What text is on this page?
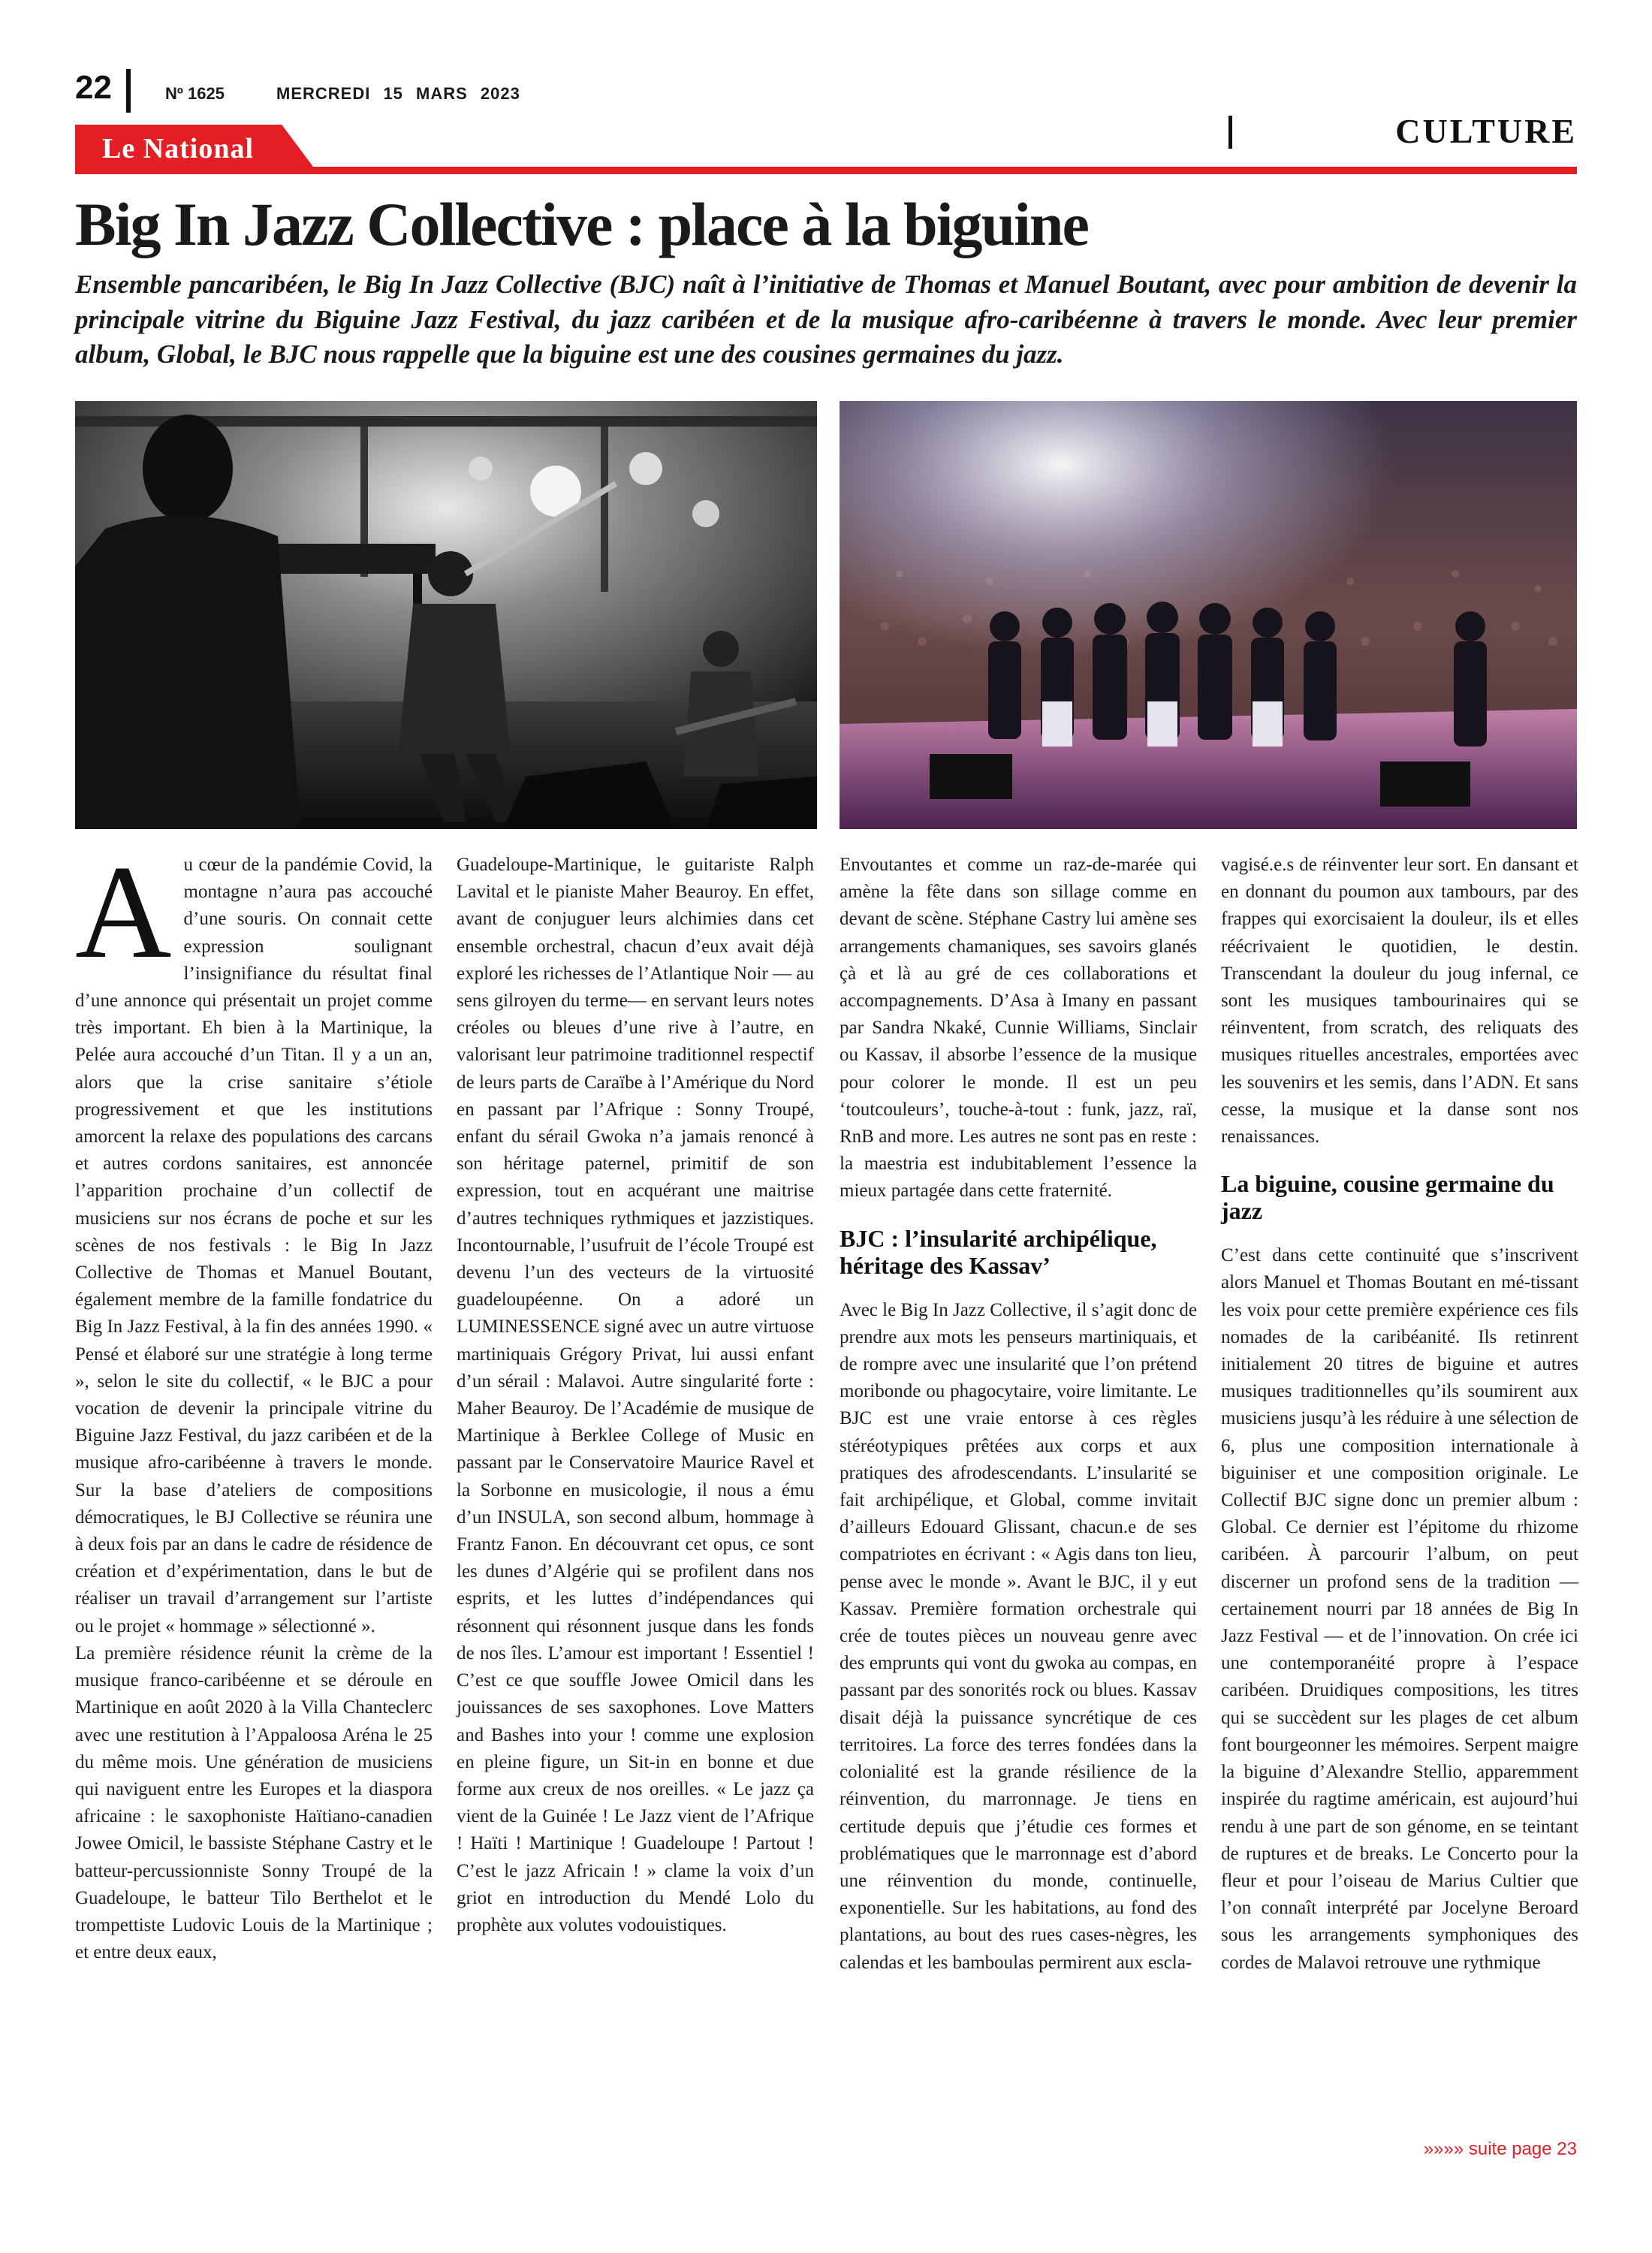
22	Nº 1625	MERCREDI 15 MARS 2023
CULTURE
Le National
Big In Jazz Collective : place à la biguine

Ensemble pancaribéen, le Big In Jazz Collective (BJC) naît à l’initiative de Thomas et Manuel Boutant, avec pour ambition de devenir la principale vitrine du Biguine Jazz Festival, du jazz caribéen et de la musique afro-caribéenne à travers le monde. Avec leur premier album, Global, le BJC nous rappelle que la biguine est une des cousines germaines du jazz.

Au cœur de la pandémie Covid, la montagne n’aura pas accouché d’une souris. On connait cette expression soulignant l’insignifiance du résultat final d’une annonce qui présentait un projet comme très important. Eh bien à la Martinique, la Pelée aura accouché d’un Titan. Il y a un an, alors que la crise sanitaire s’étiole progressivement et que les institutions amorcent la relaxe des populations des carcans et autres cordons sanitaires, est annoncée l’apparition prochaine d’un collectif de musiciens sur nos écrans de poche et sur les scènes de nos festivals : le Big In Jazz Collective de Thomas et Manuel Boutant, également membre de la famille fondatrice du Big In Jazz Festival, à la fin des années 1990. « Pensé et élaboré sur une stratégie à long terme », selon le site du collectif, « le BJC a pour vocation de devenir la principale vitrine du Biguine Jazz Festival, du jazz caribéen et de la musique afro-caribéenne à travers le monde. Sur la base d’ateliers de compositions démocratiques, le BJ Collective se réunira une à deux fois par an dans le cadre de résidence de création et d’expérimentation, dans le but de réaliser un travail d’arrangement sur l’artiste ou le projet « hommage » sélectionné ».

La première résidence réunit la crème de la musique franco-caribéenne et se déroule en Martinique en août 2020 à la Villa Chanteclerc avec une restitution à l’Appaloosa Aréna le 25 du même mois. Une génération de musiciens qui naviguent entre les Europes et la diaspora africaine : le saxophoniste Haïtiano-canadien Jowee Omicil, le bassiste Stéphane Castry et le batteur-percussionniste Sonny Troupé de la Guadeloupe, le batteur Tilo Berthelot et le trompettiste Ludovic Louis de la Martinique ; et entre deux eaux,

Guadeloupe-Martinique, le guitariste Ralph Lavital et le pianiste Maher Beauroy. En effet, avant de conjuguer leurs alchimies dans cet ensemble orchestral, chacun d’eux avait déjà exploré les richesses de l’Atlantique Noir — au sens gilroyen du terme— en servant leurs notes créoles ou bleues d’une rive à l’autre, en valorisant leur patrimoine traditionnel respectif de leurs parts de Caraïbe à l’Amérique du Nord en passant par l’Afrique : Sonny Troupé, enfant du sérail Gwoka n’a jamais renoncé à son héritage paternel, primitif de son expression, tout en acquérant une maitrise d’autres techniques rythmiques et jazzistiques. Incontournable, l’usufruit de l’école Troupé est devenu l’un des vecteurs de la virtuosité guadeloupéenne. On a adoré un LUMINESSENCE signé avec un autre virtuose martiniquais Grégory Privat, lui aussi enfant d’un sérail : Malavoi. Autre singularité forte : Maher Beauroy. De l’Académie de musique de Martinique à Berklee College of Music en passant par le Conservatoire Maurice Ravel et la Sorbonne en musicologie, il nous a ému d’un INSULA, son second album, hommage à Frantz Fanon. En découvrant cet opus, ce sont les dunes d’Algérie qui se profilent dans nos esprits, et les luttes d’indépendances qui résonnent qui résonnent jusque dans les fonds de nos îles. L’amour est important ! Essentiel ! C’est ce que souffle Jowee Omicil dans les jouissances de ses saxophones. Love Matters and Bashes into your ! comme une explosion en pleine figure, un Sit-in en bonne et due forme aux creux de nos oreilles. « Le jazz ça vient de la Guinée ! Le Jazz vient de l’Afrique ! Haïti ! Martinique ! Guadeloupe ! Partout ! C’est le jazz Africain ! » clame la voix d’un griot en introduction du Mendé Lolo du prophète aux volutes vodouistiques.

Envoutantes et comme un raz-de-marée qui amène la fête dans son sillage comme en devant de scène. Stéphane Castry lui amène ses arrangements chamaniques, ses savoirs glanés çà et là au gré de ces collaborations et accompagnements. D’Asa à Imany en passant par Sandra Nkaké, Cunnie Williams, Sinclair ou Kassav, il absorbe l’essence de la musique pour colorer le monde. Il est un peu ‘toutcouleurs’, touche-à-tout : funk, jazz, raï, RnB and more. Les autres ne sont pas en reste : la maestria est indubitablement l’essence la mieux partagée dans cette fraternité.

BJC : l’insularité archipélique, héritage des Kassav’

Avec le Big In Jazz Collective, il s’agit donc de prendre aux mots les penseurs martiniquais, et de rompre avec une insularité que l’on prétend moribonde ou phagocytaire, voire limitante. Le BJC est une vraie entorse à ces règles stéréotypiques prêtées aux corps et aux pratiques des afrodescendants. L’insularité se fait archipélique, et Global, comme invitait d’ailleurs Edouard Glissant, chacun.e de ses compatriotes en écrivant : « Agis dans ton lieu, pense avec le monde ». Avant le BJC, il y eut Kassav. Première formation orchestrale qui crée de toutes pièces un nouveau genre avec des emprunts qui vont du gwoka au compas, en passant par des sonorités rock ou blues. Kassav disait déjà la puissance syncrétique de ces territoires. La force des terres fondées dans la colonialité est la grande résilience de la réinvention, du marronnage. Je tiens en certitude depuis que j’étudie ces formes et problématiques que le marronnage est d’abord une réinvention du monde, continuelle, exponentielle. Sur les habitations, au fond des plantations, au bout des rues cases-nègres, les calendas et les bamboulas permirent aux escla-

vagisé.e.s de réinventer leur sort. En dansant et en donnant du poumon aux tambours, par des frappes qui exorcisaient la douleur, ils et elles réécrivaient le quotidien, le destin. Transcendant la douleur du joug infernal, ce sont les musiques tambourinaires qui se réinventent, from scratch, des reliquats des musiques rituelles ancestrales, emportées avec les souvenirs et les semis, dans l’ADN. Et sans cesse, la musique et la danse sont nos renaissances.

La biguine, cousine germaine du jazz

C’est dans cette continuité que s’inscrivent alors Manuel et Thomas Boutant en mé-tissant les voix pour cette première expérience ces fils nomades de la caribéanité. Ils retinrent initialement 20 titres de biguine et autres musiques traditionnelles qu’ils soumirent aux musiciens jusqu’à les réduire à une sélection de 6, plus une composition internationale à biguiniser et une composition originale. Le Collectif BJC signe donc un premier album : Global. Ce dernier est l’épitome du rhizome caribéen. À parcourir l’album, on peut discerner un profond sens de la tradition — certainement nourri par 18 années de Big In Jazz Festival — et de l’innovation. On crée ici une contemporanéité propre à l’espace caribéen. Druidiques compositions, les titres qui se succèdent sur les plages de cet album font bourgeonner les mémoires. Serpent maigre la biguine d’Alexandre Stellio, apparemment inspirée du ragtime américain, est aujourd’hui rendu à une part de son génome, en se teintant de ruptures et de breaks. Le Concerto pour la fleur et pour l’oiseau de Marius Cultier que l’on connaît interprété par Jocelyne Beroard sous les arrangements symphoniques des cordes de Malavoi retrouve une rythmique

»»»» suite page 23
